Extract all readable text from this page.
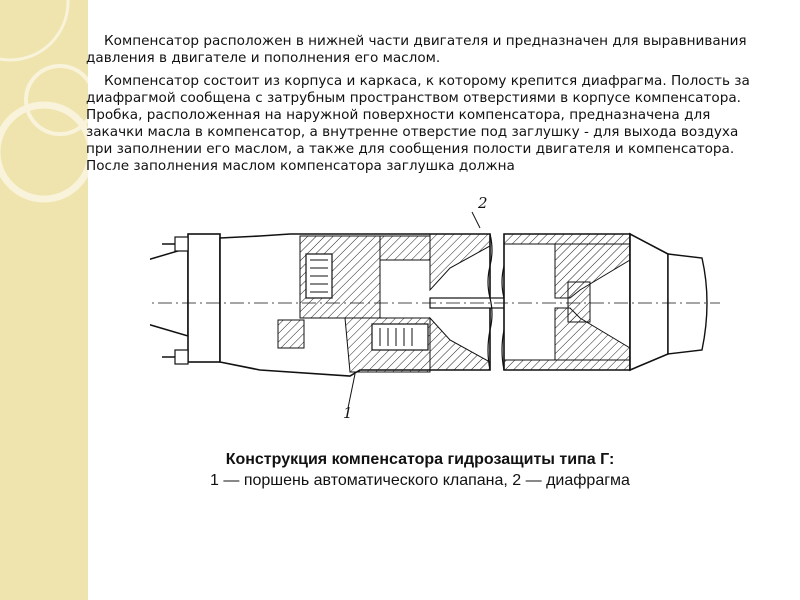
Компенсатор расположен в нижней части двигателя и предназначен для выравнивания давления в двигателе и пополнения его маслом.

Компенсатор состоит из корпуса и каркаса, к которому крепится диафрагма. Полость за диафрагмой сообщена с затрубным пространством отверстиями в корпусе компенсатора. Пробка, расположенная на наружной поверхности компенсатора, предназначена для закачки масла в компенсатор, а внутренне отверстие под заглушку - для выхода воздуха при заполнении его маслом, а также для сообщения полости двигателя и компенсатора. После заполнения маслом компенсатора заглушка должна

2
1

Конструкция компенсатора гидрозащиты типа Г:

1 — поршень автоматического клапана, 2 — диафрагма
